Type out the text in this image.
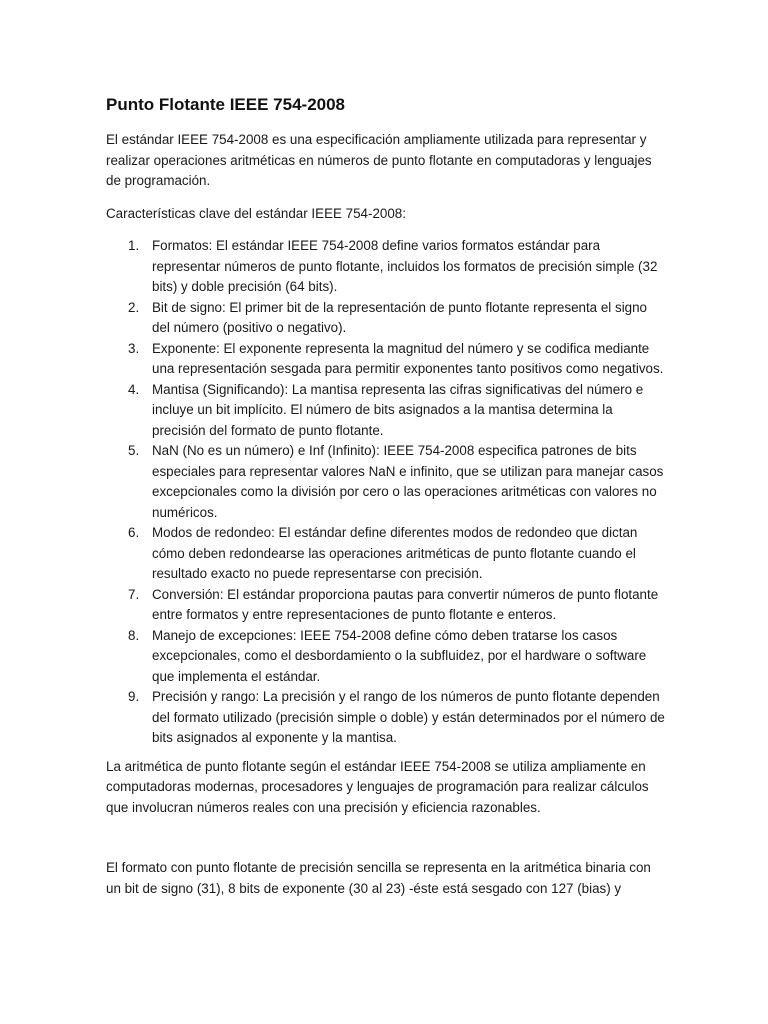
Punto Flotante IEEE 754-2008

El estándar IEEE 754-2008 es una especificación ampliamente utilizada para representar y realizar operaciones aritméticas en números de punto flotante en computadoras y lenguajes de programación.

Características clave del estándar IEEE 754-2008:

1. Formatos: El estándar IEEE 754-2008 define varios formatos estándar para representar números de punto flotante, incluidos los formatos de precisión simple (32 bits) y doble precisión (64 bits).
2. Bit de signo: El primer bit de la representación de punto flotante representa el signo del número (positivo o negativo).
3. Exponente: El exponente representa la magnitud del número y se codifica mediante una representación sesgada para permitir exponentes tanto positivos como negativos.
4. Mantisa (Significando): La mantisa representa las cifras significativas del número e incluye un bit implícito. El número de bits asignados a la mantisa determina la precisión del formato de punto flotante.
5. NaN (No es un número) e Inf (Infinito): IEEE 754-2008 especifica patrones de bits especiales para representar valores NaN e infinito, que se utilizan para manejar casos excepcionales como la división por cero o las operaciones aritméticas con valores no numéricos.
6. Modos de redondeo: El estándar define diferentes modos de redondeo que dictan cómo deben redondearse las operaciones aritméticas de punto flotante cuando el resultado exacto no puede representarse con precisión.
7. Conversión: El estándar proporciona pautas para convertir números de punto flotante entre formatos y entre representaciones de punto flotante e enteros.
8. Manejo de excepciones: IEEE 754-2008 define cómo deben tratarse los casos excepcionales, como el desbordamiento o la subfluidez, por el hardware o software que implementa el estándar.
9. Precisión y rango: La precisión y el rango de los números de punto flotante dependen del formato utilizado (precisión simple o doble) y están determinados por el número de bits asignados al exponente y la mantisa.

La aritmética de punto flotante según el estándar IEEE 754-2008 se utiliza ampliamente en computadoras modernas, procesadores y lenguajes de programación para realizar cálculos que involucran números reales con una precisión y eficiencia razonables.

El formato con punto flotante de precisión sencilla se representa en la aritmética binaria con un bit de signo (31), 8 bits de exponente (30 al 23) -éste está sesgado con 127 (bias) y
